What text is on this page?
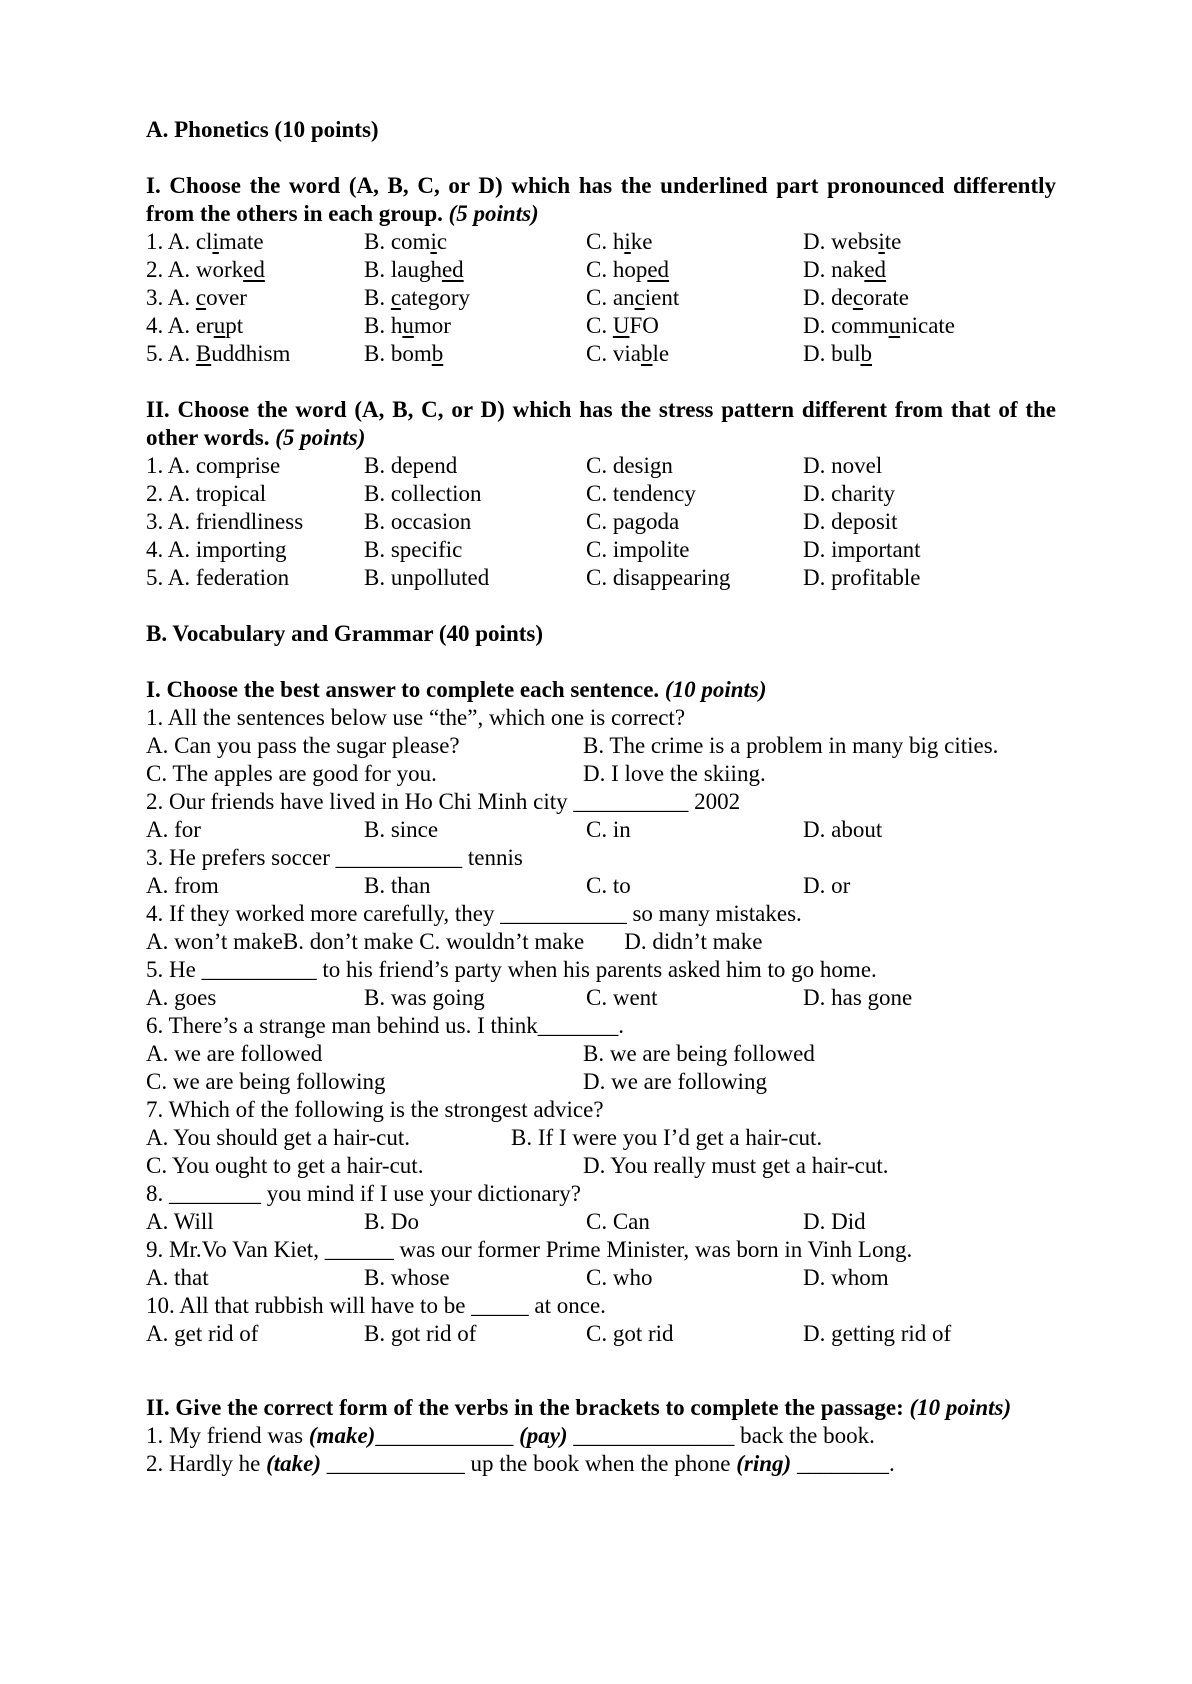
A. Phonetics (10 points)
I. Choose the word (A, B, C, or D) which has the underlined part pronounced differently from the others in each group. (5 points)
1. A. climate	B. comic	C. hike	D. website
2. A. worked	B. laughed	C. hoped	D. naked
3. A. cover	B. category	C. ancient	D. decorate
4. A. erupt	B. humor	C. UFO	D. communicate
5. A. Buddhism	B. bomb	C. viable	D. bulb
II. Choose the word (A, B, C, or D) which has the stress pattern different from that of the other words. (5 points)
1. A. comprise	B. depend	C. design	D. novel
2. A. tropical	B. collection	C. tendency	D. charity
3. A. friendliness	B. occasion	C. pagoda	D. deposit
4. A. importing	B. specific	C. impolite	D. important
5. A. federation	B. unpolluted	C. disappearing	D. profitable
B. Vocabulary and Grammar (40 points)
I. Choose the best answer to complete each sentence. (10 points)
1. All the sentences below use “the”, which one is correct?
A. Can you pass the sugar please?	B. The crime is a problem in many big cities.
C. The apples are good for you.	D. I love the skiing.
2. Our friends have lived in Ho Chi Minh city __________ 2002
A. for	B. since	C. in	D. about
3. He prefers soccer ___________ tennis
A. from	B. than	C. to	D. or
4. If they worked more carefully, they ___________ so many mistakes.
A. won’t makeB. don’t make C. wouldn’t make D. didn’t make
5. He __________ to his friend’s party when his parents asked him to go home.
A. goes	B. was going	C. went	D. has gone
6. There’s a strange man behind us. I think_______.
A. we are followed	B. we are being followed
C. we are being following	D. we are following
7. Which of the following is the strongest advice?
A. You should get a hair-cut.	B. If I were you I’d get a hair-cut.
C. You ought to get a hair-cut.	D. You really must get a hair-cut.
8. ________ you mind if I use your dictionary?
A. Will	B. Do	C. Can	D. Did
9. Mr.Vo Van Kiet, ______ was our former Prime Minister, was born in Vinh Long.
A. that	B. whose	C. who	D. whom
10. All that rubbish will have to be _____ at once.
A. get rid of	B. got rid of	C. got rid	D. getting rid of
II. Give the correct form of the verbs in the brackets to complete the passage: (10 points)
1. My friend was (make) ____________ (pay) ______________ back the book.
2. Hardly he (take) ____________ up the book when the phone (ring) ________.
